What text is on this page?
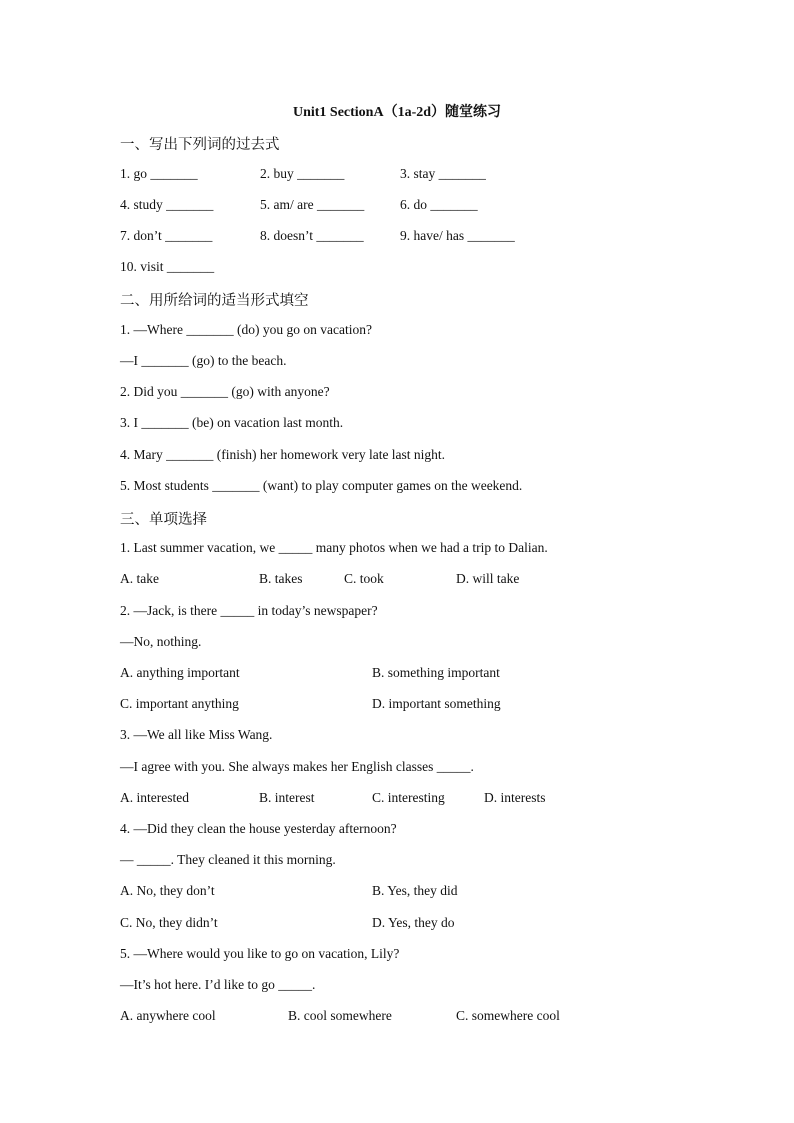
Unit1 SectionA（1a-2d）随堂练习
一、写出下列词的过去式
1. go _______	2. buy _______	3. stay _______
4. study _______	5. am/ are _______	6. do _______
7. don’t _______	8. doesn’t _______	9. have/ has _______
10. visit _______
二、用所给词的适当形式填空
1. —Where _______ (do) you go on vacation?
—I _______ (go) to the beach.
2. Did you _______ (go) with anyone?
3. I _______ (be) on vacation last month.
4. Mary _______ (finish) her homework very late last night.
5. Most students _______ (want) to play computer games on the weekend.
三、单项选择
1. Last summer vacation, we _____ many photos when we had a trip to Dalian.
A. take	B. takes	C. took	D. will take
2. —Jack, is there _____ in today’s newspaper?
—No, nothing.
A. anything important	B. something important
C. important anything	D. important something
3. —We all like Miss Wang.
—I agree with you. She always makes her English classes _____.
A. interested	B. interest	C. interesting	D. interests
4. —Did they clean the house yesterday afternoon?
— _____. They cleaned it this morning.
A. No, they don’t	B. Yes, they did
C. No, they didn’t	D. Yes, they do
5. —Where would you like to go on vacation, Lily?
—It’s hot here. I’d like to go _____.
A. anywhere cool	B. cool somewhere	C. somewhere cool
